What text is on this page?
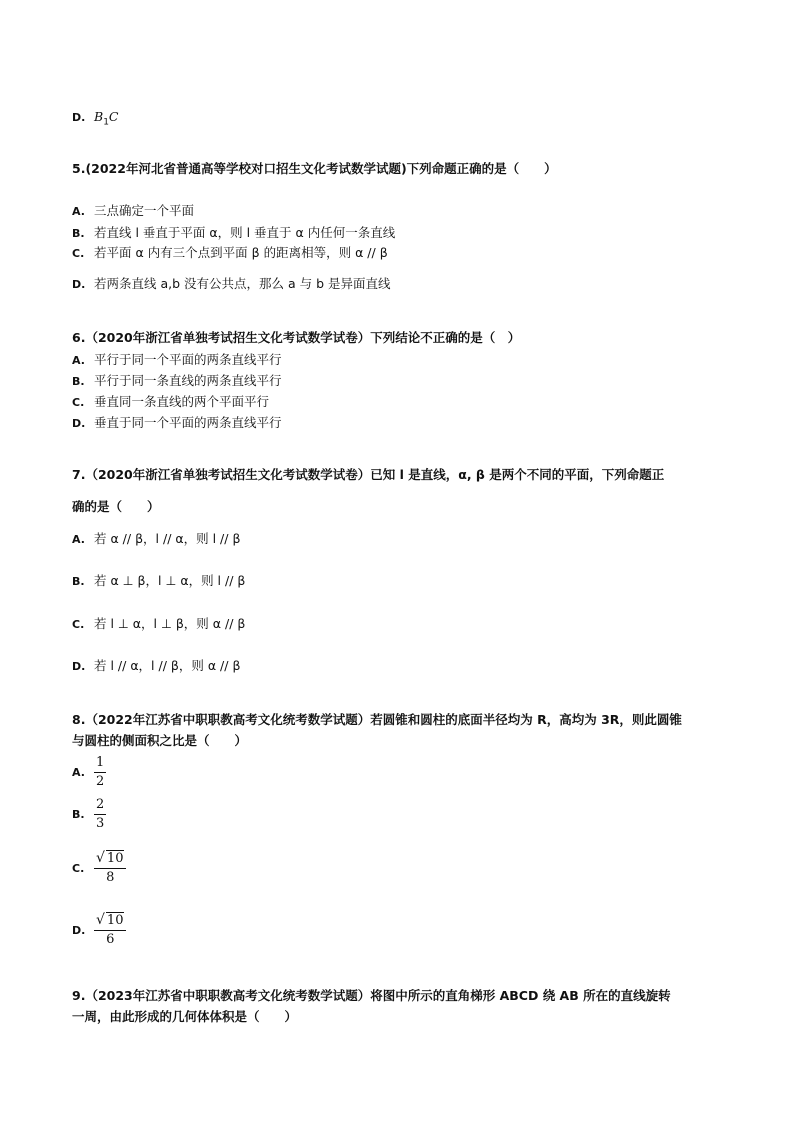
D. $B_1C$
5.(2022年河北省普通高等学校对口招生文化考试数学试题)下列命题正确的是（　　）
A. 三点确定一个平面
B. 若直线 l 垂直于平面 α，则 l 垂直于 α 内任何一条直线
C. 若平面 α 内有三个点到平面 β 的距离相等，则 α // β
D. 若两条直线 a,b 没有公共点，那么 a 与 b 是异面直线
6.（2020年浙江省单独考试招生文化考试数学试卷）下列结论不正确的是（　）
A. 平行于同一个平面的两条直线平行
B. 平行于同一条直线的两条直线平行
C. 垂直同一条直线的两个平面平行
D. 垂直于同一个平面的两条直线平行
7.（2020年浙江省单独考试招生文化考试数学试卷）已知 l 是直线，α, β 是两个不同的平面，下列命题正
确的是（　　）
A. 若 α // β，l // α，则 l // β
B. 若 α ⊥ β，l ⊥ α，则 l // β
C. 若 l ⊥ α，l ⊥ β，则 α // β
D. 若 l // α，l // β，则 α // β
8.（2022年江苏省中职职教高考文化统考数学试题）若圆锥和圆柱的底面半径均为 R，高均为 3R，则此圆锥
与圆柱的侧面积之比是（　　）
A. $\frac{1}{2}$
B. $\frac{2}{3}$
C. $\frac{√ 10}{8}$
D. $\frac{√ 10}{6}$
9.（2023年江苏省中职职教高考文化统考数学试题）将图中所示的直角梯形 ABCD 绕 AB 所在的直线旋转
一周，由此形成的几何体体积是（　　）
